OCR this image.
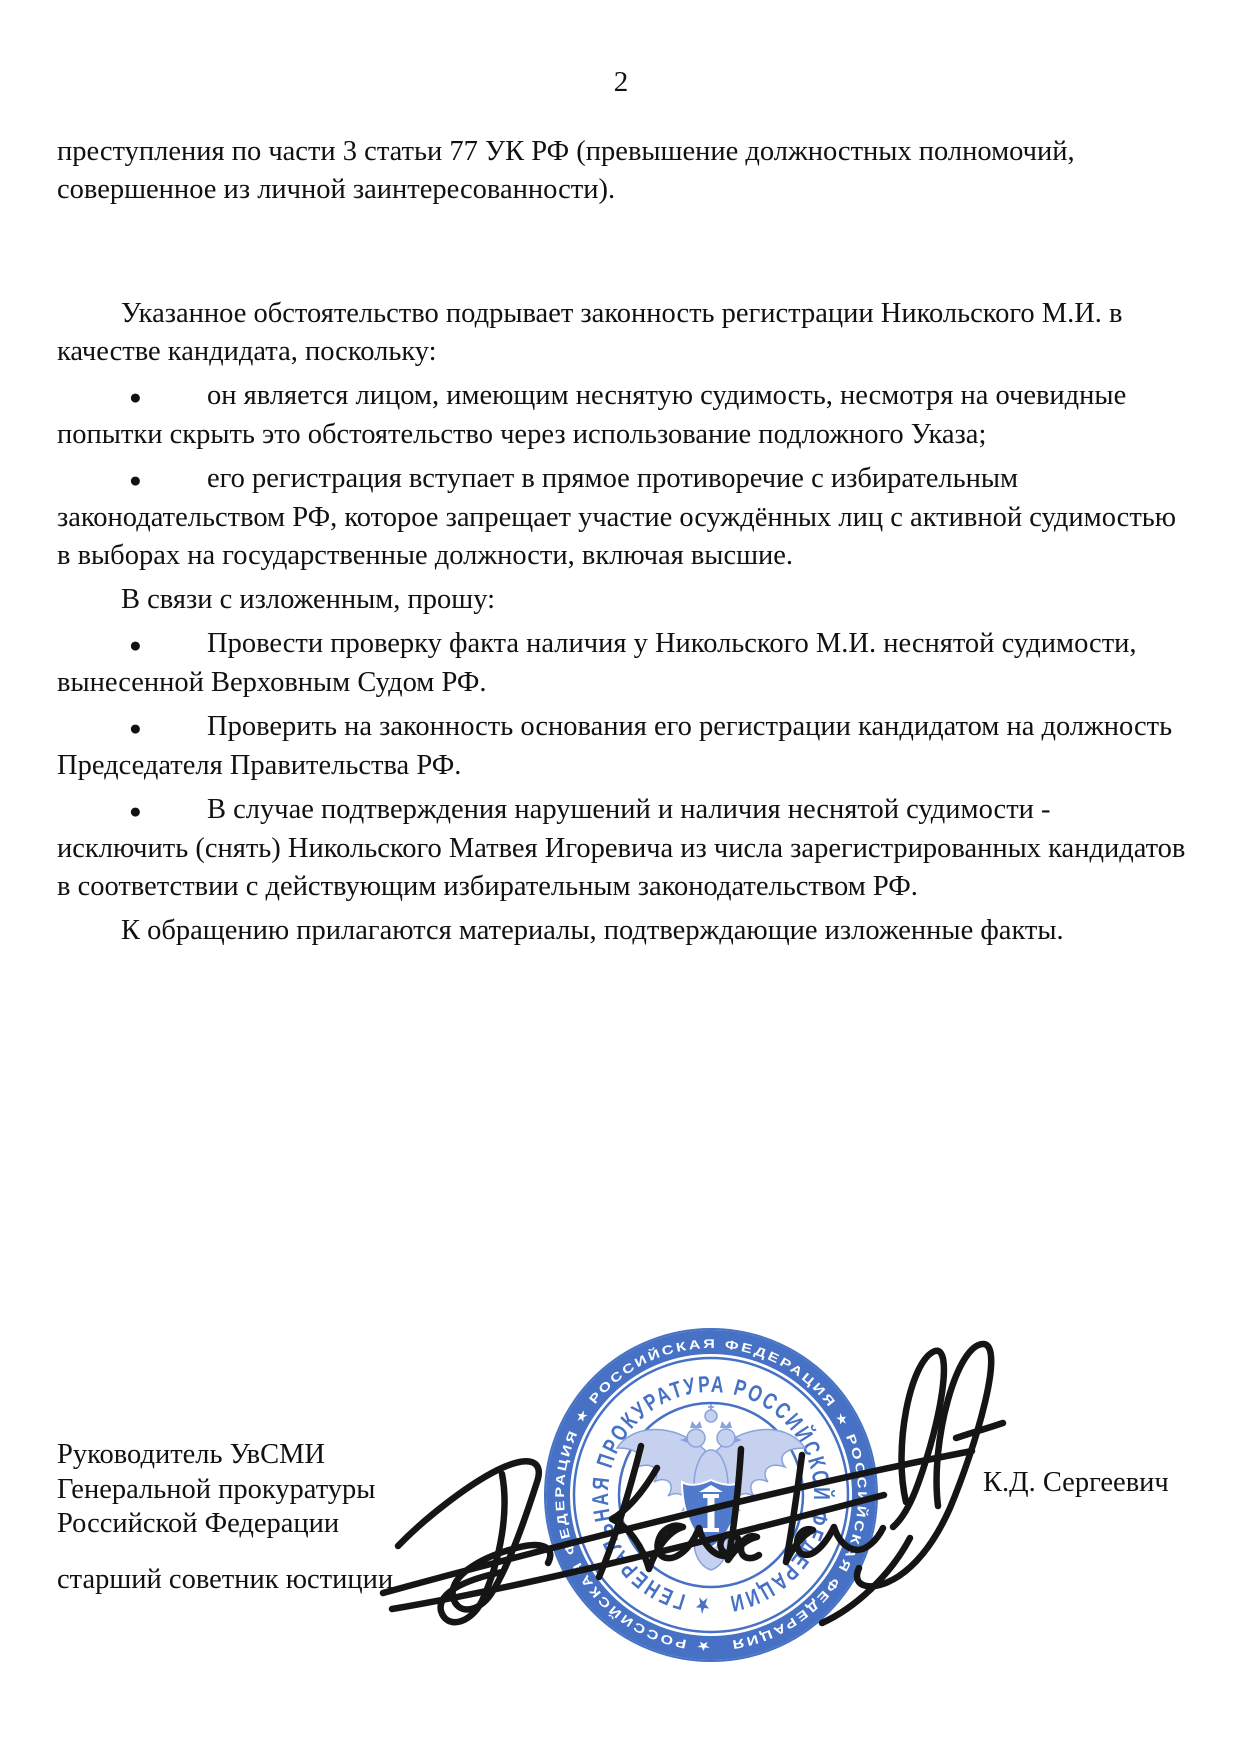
2

преступления по части 3 статьи 77 УК РФ (превышение должностных полномочий, совершенное из личной заинтересованности).

Указанное обстоятельство подрывает законность регистрации Никольского М.И. в качестве кандидата, поскольку:

● он является лицом, имеющим неснятую судимость, несмотря на очевидные попытки скрыть это обстоятельство через использование подложного Указа;

● его регистрация вступает в прямое противоречие с избирательным законодательством РФ, которое запрещает участие осуждённых лиц с активной судимостью в выборах на государственные должности, включая высшие.

В связи с изложенным, прошу:

● Провести проверку факта наличия у Никольского М.И. неснятой судимости, вынесенной Верховным Судом РФ.

● Проверить на законность основания его регистрации кандидатом на должность Председателя Правительства РФ.

● В случае подтверждения нарушений и наличия неснятой судимости - исключить (снять) Никольского Матвея Игоревича из числа зарегистрированных кандидатов в соответствии с действующим избирательным законодательством РФ.

К обращению прилагаются материалы, подтверждающие изложенные факты.

Руководитель УвСМИ
Генеральной прокуратуры
Российской Федерации
старший советник юстиции
К.Д. Сергеевич
★ РОССИЙСКАЯ ФЕДЕРАЦИЯ ★ РОССИЙСКАЯ ФЕДЕРАЦИЯ ★ РОССИЙСКАЯ ФЕДЕРАЦИЯ
★ ГЕНЕРАЛЬНАЯ ПРОКУРАТУРА РОССИЙСКОЙ ФЕДЕРАЦИИ
